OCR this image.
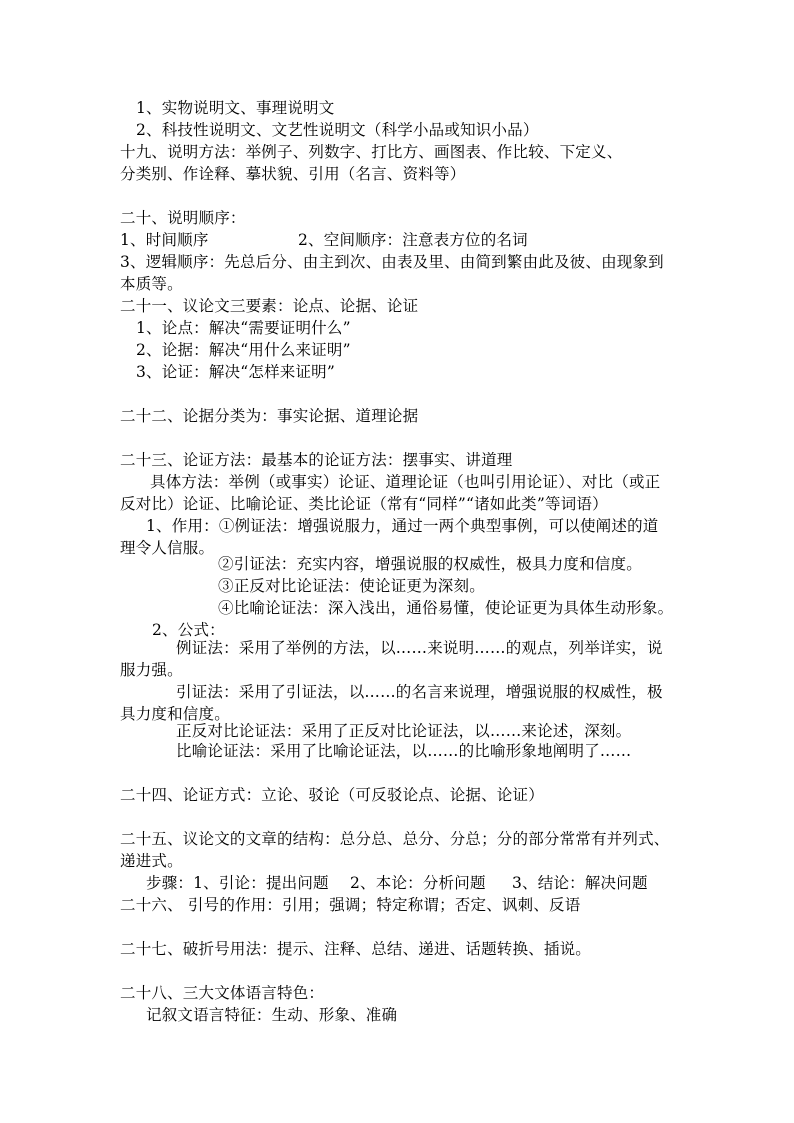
1、实物说明文、事理说明文
2、科技性说明文、文艺性说明文（科学小品或知识小品）
十九、说明方法：举例子、列数字、打比方、画图表、作比较、下定义、
分类别、作诠释、摹状貌、引用（名言、资料等）
二十、说明顺序：
1、时间顺序	2、空间顺序：注意表方位的名词
3、逻辑顺序：先总后分、由主到次、由表及里、由简到繁由此及彼、由现象到
本质等。
二十一、议论文三要素：论点、论据、论证
1、论点：解决“需要证明什么”
2、论据：解决“用什么来证明”
3、论证：解决“怎样来证明”
二十二、论据分类为：事实论据、道理论据
二十三、论证方法：最基本的论证方法：摆事实、讲道理
具体方法：举例（或事实）论证、道理论证（也叫引用论证）、对比（或正
反对比）论证、比喻论证、类比论证（常有“同样”“诸如此类”等词语）
1、作用：①例证法：增强说服力，通过一两个典型事例，可以使阐述的道
理令人信服。
②引证法：充实内容，增强说服的权威性，极具力度和信度。
③正反对比论证法：使论证更为深刻。
④比喻论证法：深入浅出，通俗易懂，使论证更为具体生动形象。
2、公式：
例证法：采用了举例的方法，以……来说明……的观点，列举详实，说
服力强。
引证法：采用了引证法，以……的名言来说理，增强说服的权威性，极
具力度和信度。
正反对比论证法：采用了正反对比论证法，以……来论述，深刻。
比喻论证法：采用了比喻论证法，以……的比喻形象地阐明了……
二十四、论证方式：立论、驳论（可反驳论点、论据、论证）
二十五、议论文的文章的结构：总分总、总分、分总；分的部分常常有并列式、
递进式。
步骤：1、引论：提出问题 2、本论：分析问题 3、结论：解决问题
二十六、 引号的作用：引用；强调；特定称谓；否定、讽刺、反语
二十七、破折号用法：提示、注释、总结、递进、话题转换、插说。
二十八、三大文体语言特色：
记叙文语言特征：生动、形象、准确
